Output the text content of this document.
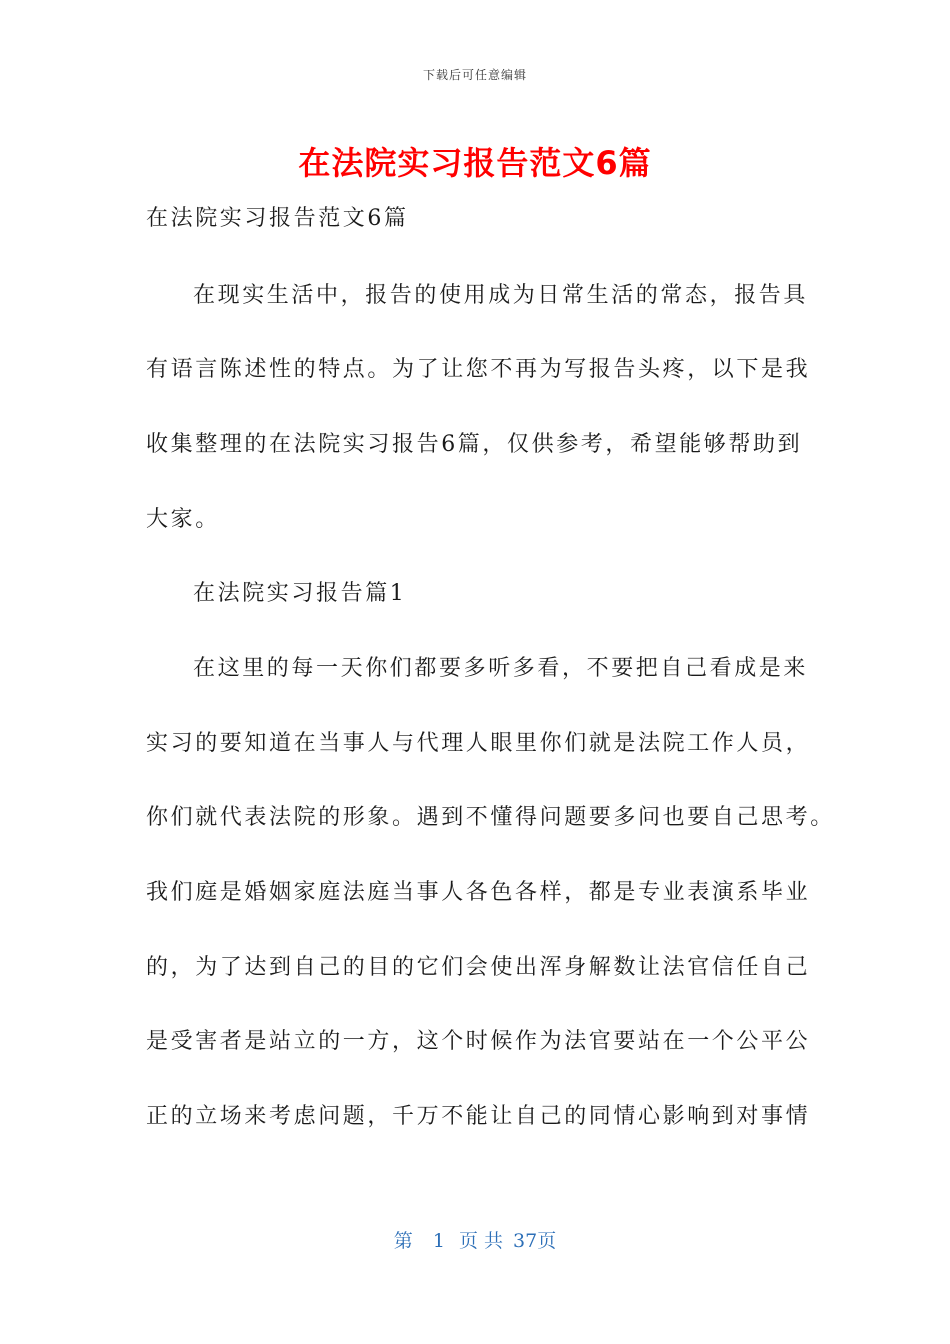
下载后可任意编辑
在法院实习报告范文6篇
在法院实习报告范文6篇
在现实生活中，报告的使用成为日常生活的常态，报告具
有语言陈述性的特点。为了让您不再为写报告头疼，以下是我
收集整理的在法院实习报告6篇，仅供参考，希望能够帮助到
大家。
在法院实习报告篇1
在这里的每一天你们都要多听多看，不要把自己看成是来
实习的要知道在当事人与代理人眼里你们就是法院工作人员，
你们就代表法院的形象。遇到不懂得问题要多问也要自己思考。
我们庭是婚姻家庭法庭当事人各色各样，都是专业表演系毕业
的，为了达到自己的目的它们会使出浑身解数让法官信任自己
是受害者是站立的一方，这个时候作为法官要站在一个公平公
正的立场来考虑问题，千万不能让自己的同情心影响到对事情
第 1 页 共 37页
